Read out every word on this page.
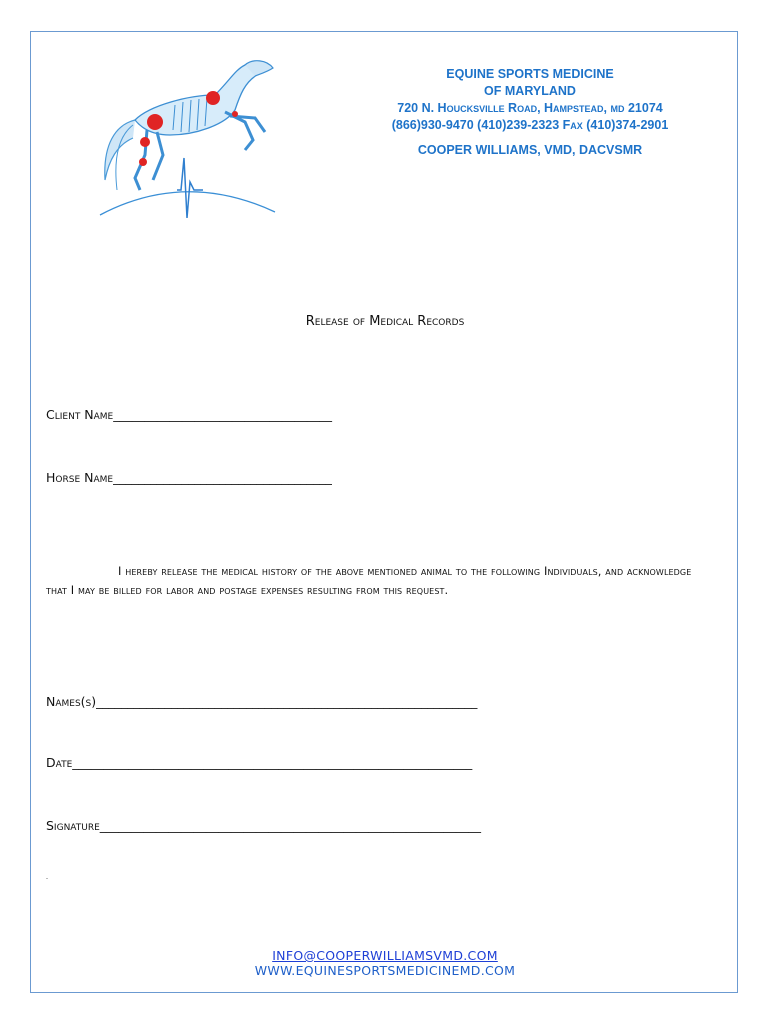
EQUINE SPORTS MEDICINE
OF MARYLAND
720 N. Houcksville Road, Hampstead, md 21074
(866)930-9470 (410)239-2323 Fax (410)374-2901
COOPER WILLIAMS, VMD, DACVSMR
Release of Medical Records
Client Name___________________________________
Horse Name___________________________________
I hereby release the medical history of the above mentioned animal to the following Individuals, and acknowledge that I may be billed for labor and postage expenses resulting from this request.
Names(s)_____________________________________________________________
Date________________________________________________________________
Signature_____________________________________________________________
INFO@COOPERWILLIAMSVMD.COM
WWW.EQUINESPORTSMEDICINEMD.COM
